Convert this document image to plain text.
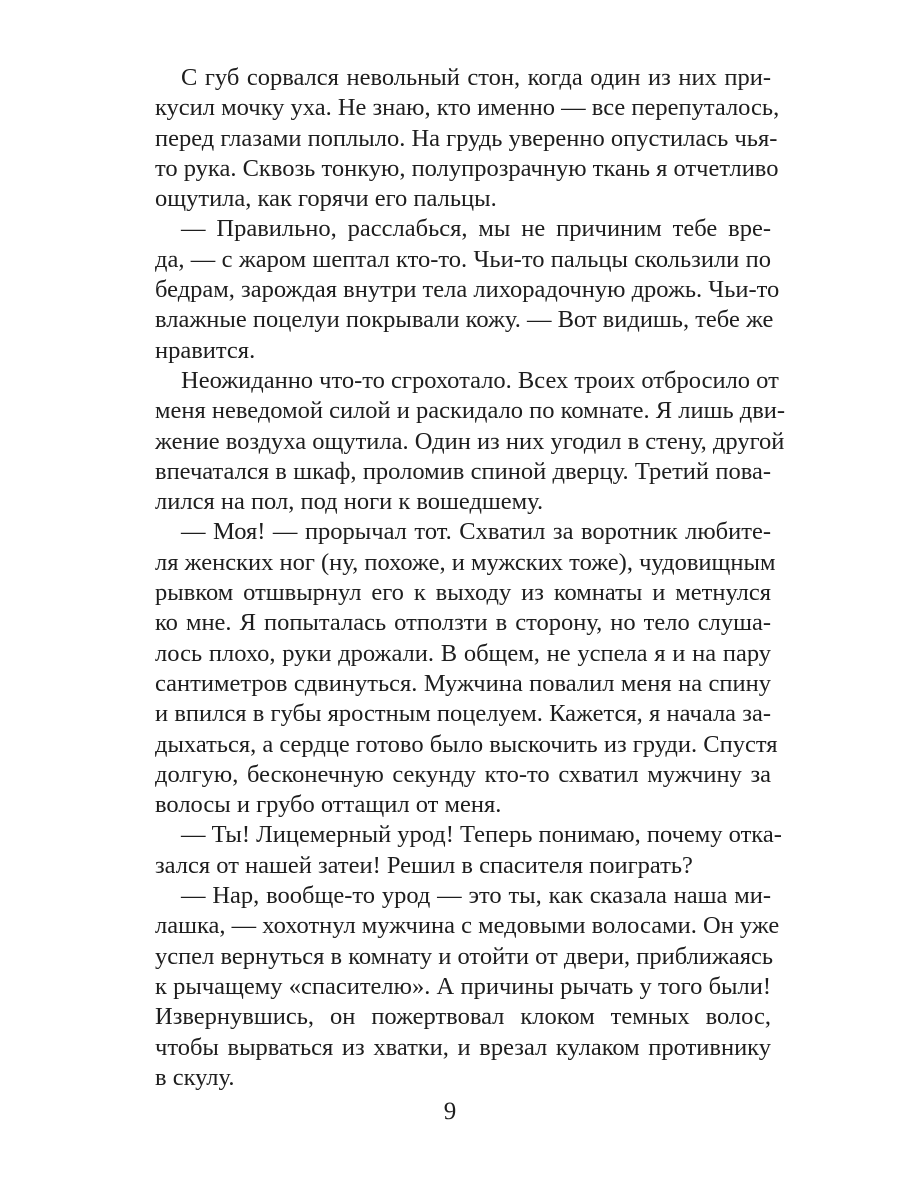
С губ сорвался невольный стон, когда один из них при-
кусил мочку уха. Не знаю, кто именно — все перепуталось,
перед глазами поплыло. На грудь уверенно опустилась чья-
то рука. Сквозь тонкую, полупрозрачную ткань я отчетливо
ощутила, как горячи его пальцы.
— Правильно, расслабься, мы не причиним тебе вре-
да, — с жаром шептал кто-то. Чьи-то пальцы скользили по
бедрам, зарождая внутри тела лихорадочную дрожь. Чьи-то
влажные поцелуи покрывали кожу. — Вот видишь, тебе же
нравится.
Неожиданно что-то сгрохотало. Всех троих отбросило от
меня неведомой силой и раскидало по комнате. Я лишь дви-
жение воздуха ощутила. Один из них угодил в стену, другой
впечатался в шкаф, проломив спиной дверцу. Третий пова-
лился на пол, под ноги к вошедшему.
— Моя! — прорычал тот. Схватил за воротник любите-
ля женских ног (ну, похоже, и мужских тоже), чудовищным
рывком отшвырнул его к выходу из комнаты и метнулся
ко мне. Я попыталась отползти в сторону, но тело слуша-
лось плохо, руки дрожали. В общем, не успела я и на пару
сантиметров сдвинуться. Мужчина повалил меня на спину
и впился в губы яростным поцелуем. Кажется, я начала за-
дыхаться, а сердце готово было выскочить из груди. Спустя
долгую, бесконечную секунду кто-то схватил мужчину за
волосы и грубо оттащил от меня.
— Ты! Лицемерный урод! Теперь понимаю, почему отка-
зался от нашей затеи! Решил в спасителя поиграть?
— Нар, вообще-то урод — это ты, как сказала наша ми-
лашка, — хохотнул мужчина с медовыми волосами. Он уже
успел вернуться в комнату и отойти от двери, приближаясь
к рычащему «спасителю». А причины рычать у того были!
Извернувшись, он пожертвовал клоком темных волос,
чтобы вырваться из хватки, и врезал кулаком противнику
в скулу.
9
